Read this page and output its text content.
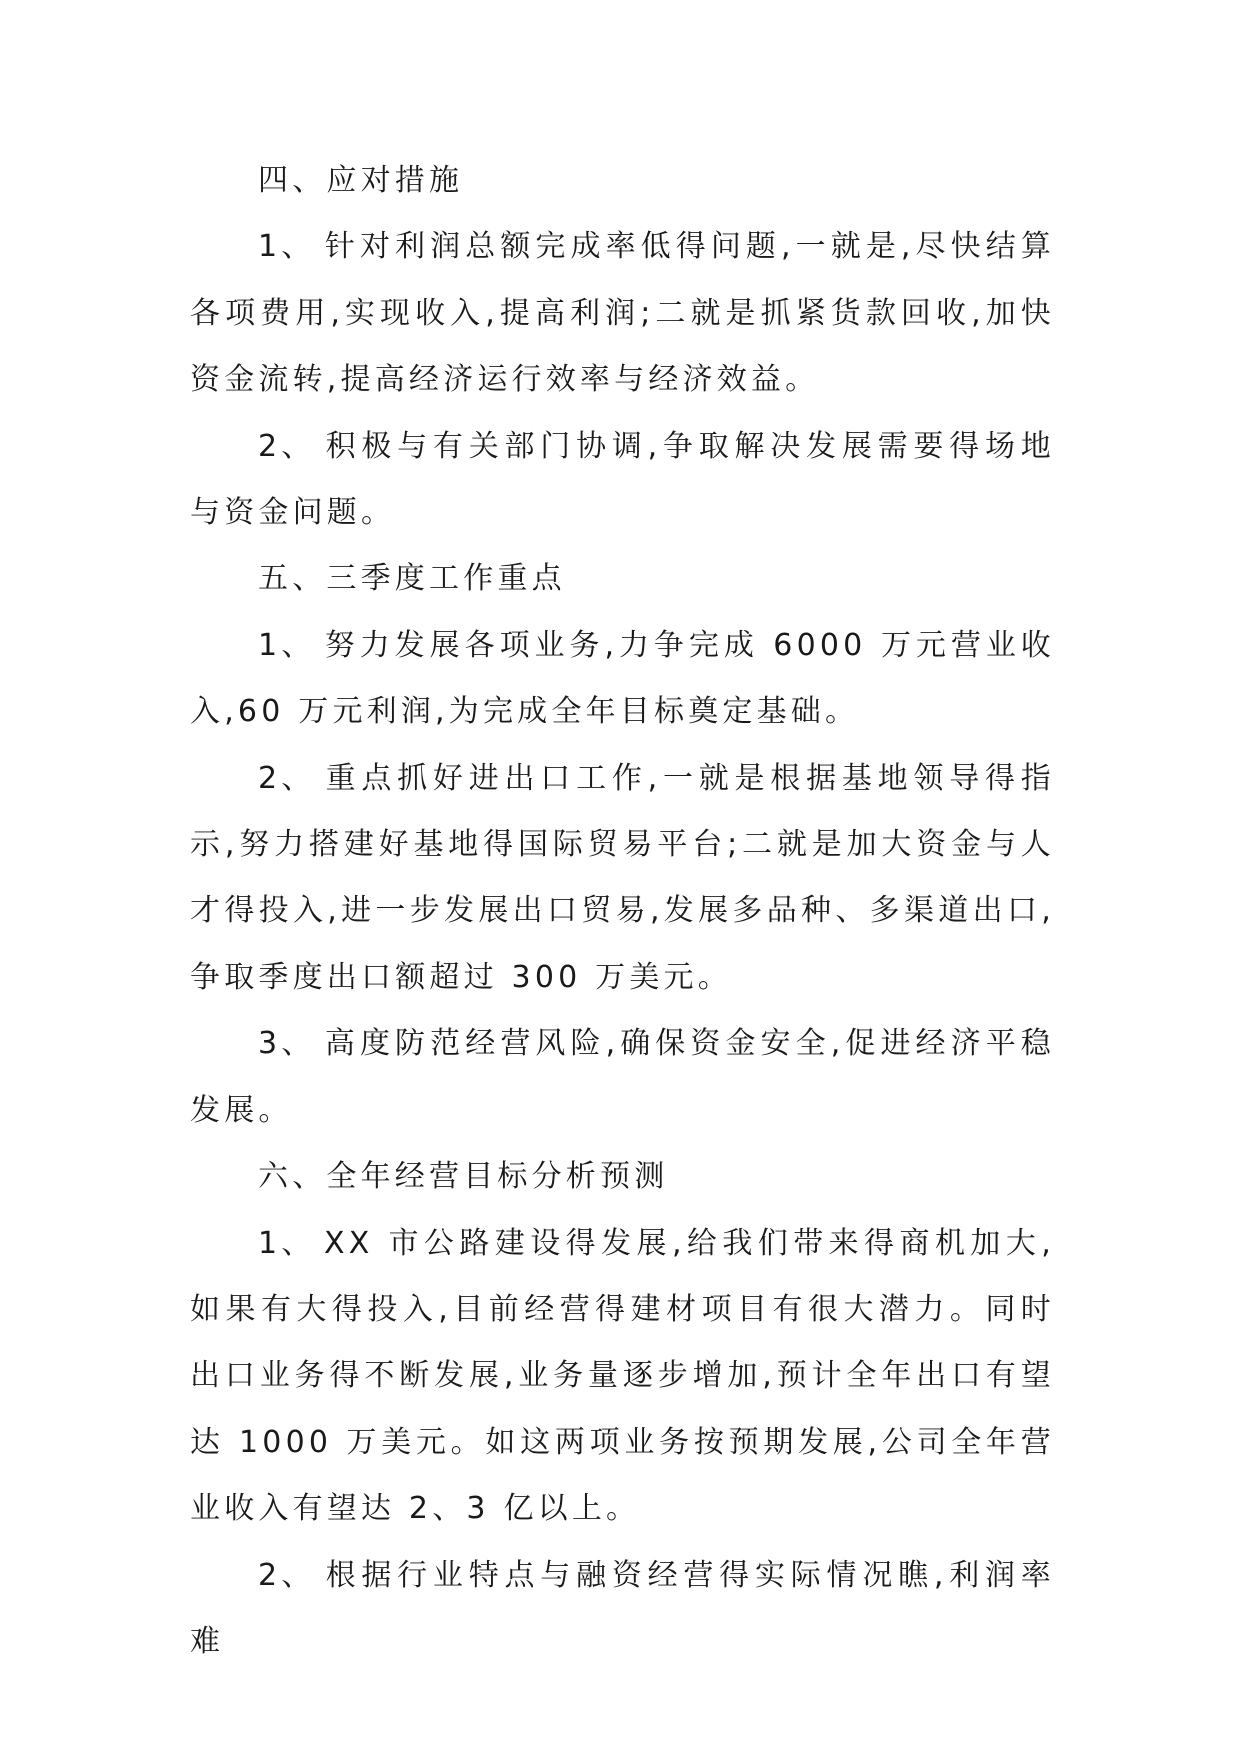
四、应对措施

1、 针对利润总额完成率低得问题,一就是,尽快结算各项费用,实现收入,提高利润;二就是抓紧货款回收,加快资金流转,提高经济运行效率与经济效益。

2、 积极与有关部门协调,争取解决发展需要得场地与资金问题。

五、三季度工作重点

1、 努力发展各项业务,力争完成 6000 万元营业收入,60 万元利润,为完成全年目标奠定基础。

2、 重点抓好进出口工作,一就是根据基地领导得指示,努力搭建好基地得国际贸易平台;二就是加大资金与人才得投入,进一步发展出口贸易,发展多品种、多渠道出口,争取季度出口额超过 300 万美元。

3、 高度防范经营风险,确保资金安全,促进经济平稳发展。

六、全年经营目标分析预测

1、 XX 市公路建设得发展,给我们带来得商机加大,如果有大得投入,目前经营得建材项目有很大潜力。同时出口业务得不断发展,业务量逐步增加,预计全年出口有望达 1000 万美元。如这两项业务按预期发展,公司全年营业收入有望达 2、3 亿以上。

2、 根据行业特点与融资经营得实际情况瞧,利润率难
